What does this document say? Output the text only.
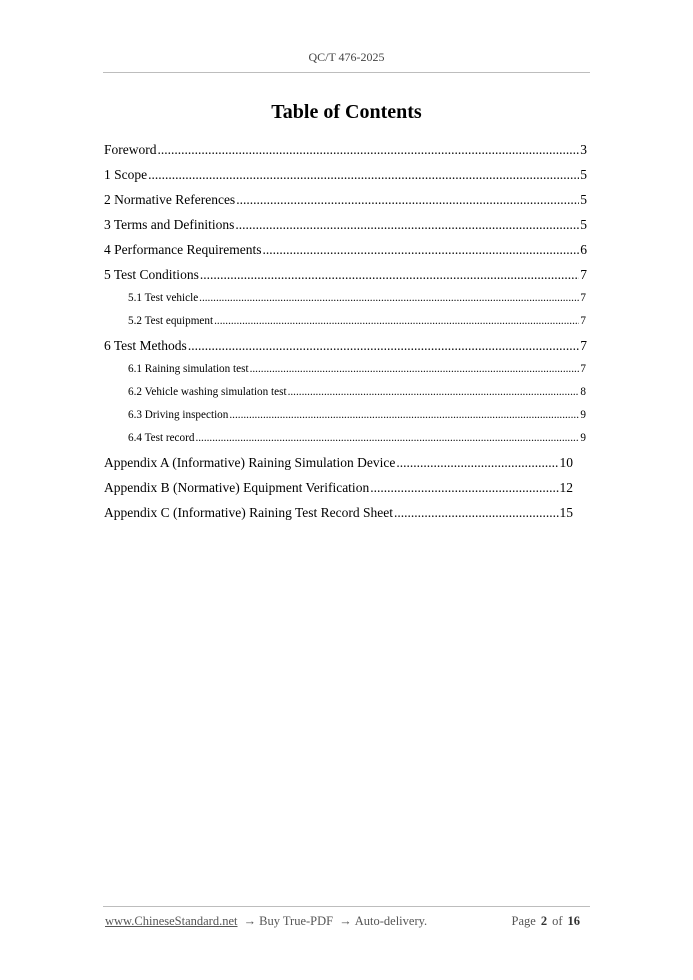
QC/T 476-2025
Table of Contents
Foreword .....	3
1 Scope .....	5
2 Normative References .....	5
3 Terms and Definitions .....	5
4 Performance Requirements .....	6
5 Test Conditions .....	7
5.1 Test vehicle .....	7
5.2 Test equipment .....	7
6 Test Methods .....	7
6.1 Raining simulation test .....	7
6.2 Vehicle washing simulation test .....	8
6.3 Driving inspection .....	9
6.4 Test record .....	9
Appendix A (Informative) Raining Simulation Device .....	10
Appendix B (Normative) Equipment Verification .....	12
Appendix C (Informative) Raining Test Record Sheet .....	15
www.ChineseStandard.net → Buy True-PDF → Auto-delivery.	Page 2 of 16
